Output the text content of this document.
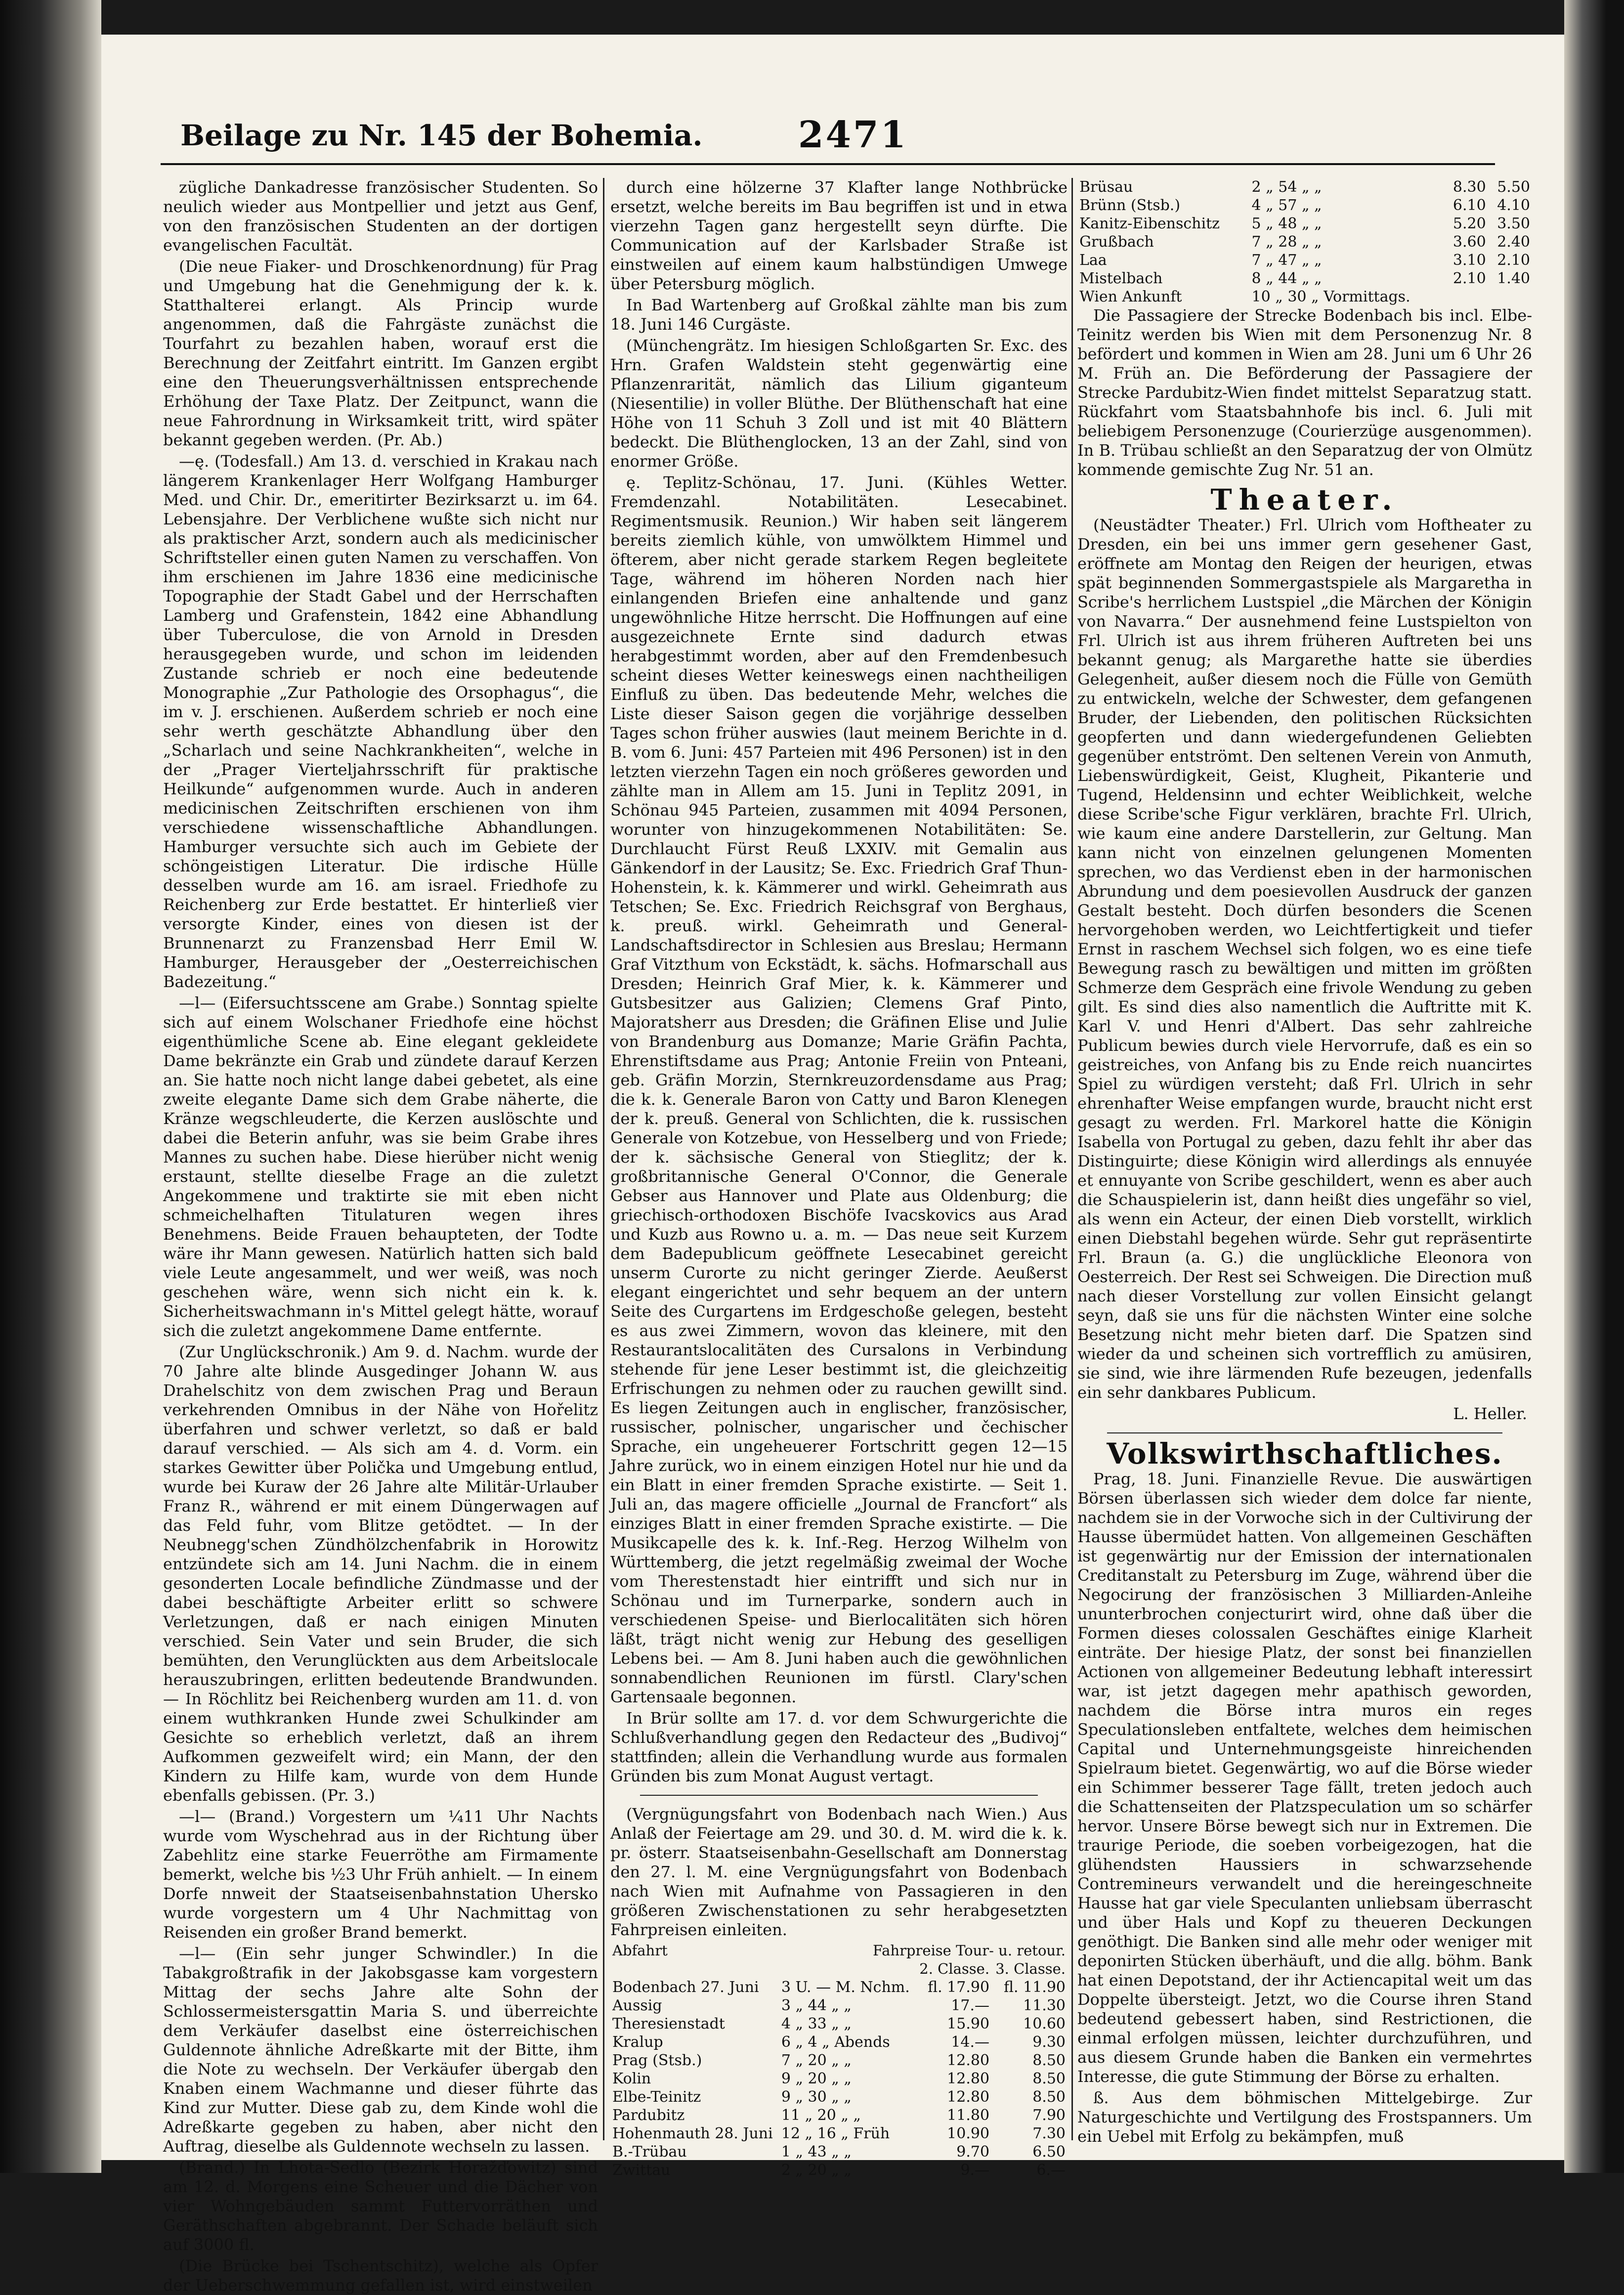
Beilage zu Nr. 145 der Bohemia.	2471

zügliche Dankadresse französischer Studenten. So neulich wieder aus Montpellier und jetzt aus Genf, von den französischen Studenten an der dortigen evangelischen Facultät.

(Die neue Fiaker- und Droschkenordnung) für Prag und Umgebung hat die Genehmigung der k. k. Statthalterei erlangt. Als Princip wurde angenommen, daß die Fahrgäste zunächst die Tourfahrt zu bezahlen haben, worauf erst die Berechnung der Zeitfahrt eintritt. Im Ganzen ergibt eine den Theuerungsverhältnissen entsprechende Erhöhung der Taxe Platz. Der Zeitpunct, wann die neue Fahrordnung in Wirksamkeit tritt, wird später bekannt gegeben werden. (Pr. Ab.)

—ę. (Todesfall.) Am 13. d. verschied in Krakau nach längerem Krankenlager Herr Wolfgang Hamburger Med. und Chir. Dr., emeritirter Bezirksarzt u. im 64. Lebensjahre. Der Verblichene wußte sich nicht nur als praktischer Arzt, sondern auch als medicinischer Schriftsteller einen guten Namen zu verschaffen. Von ihm erschienen im Jahre 1836 eine medicinische Topographie der Stadt Gabel und der Herrschaften Lamberg und Grafenstein, 1842 eine Abhandlung über Tuberculose, die von Arnold in Dresden herausgegeben wurde, und schon im leidenden Zustande schrieb er noch eine bedeutende Monographie „Zur Pathologie des Orsophagus“, die im v. J. erschienen. Außerdem schrieb er noch eine sehr werth geschätzte Abhandlung über den „Scharlach und seine Nachkrankheiten“, welche in der „Prager Vierteljahrsschrift für praktische Heilkunde“ aufgenommen wurde. Auch in anderen medicinischen Zeitschriften erschienen von ihm verschiedene wissenschaftliche Abhandlungen. Hamburger versuchte sich auch im Gebiete der schöngeistigen Literatur. Die irdische Hülle desselben wurde am 16. am israel. Friedhofe zu Reichenberg zur Erde bestattet. Er hinterließ vier versorgte Kinder, eines von diesen ist der Brunnenarzt zu Franzensbad Herr Emil W. Hamburger, Herausgeber der „Oesterreichischen Badezeitung.“

—l— (Eifersuchtsscene am Grabe.) Sonntag spielte sich auf einem Wolschaner Friedhofe eine höchst eigenthümliche Scene ab. Eine elegant gekleidete Dame bekränzte ein Grab und zündete darauf Kerzen an. Sie hatte noch nicht lange dabei gebetet, als eine zweite elegante Dame sich dem Grabe näherte, die Kränze wegschleuderte, die Kerzen auslöschte und dabei die Beterin anfuhr, was sie beim Grabe ihres Mannes zu suchen habe. Diese hierüber nicht wenig erstaunt, stellte dieselbe Frage an die zuletzt Angekommene und traktirte sie mit eben nicht schmeichelhaften Titulaturen wegen ihres Benehmens. Beide Frauen behaupteten, der Todte wäre ihr Mann gewesen. Natürlich hatten sich bald viele Leute angesammelt, und wer weiß, was noch geschehen wäre, wenn sich nicht ein k. k. Sicherheitswachmann in's Mittel gelegt hätte, worauf sich die zuletzt angekommene Dame entfernte.

(Zur Unglückschronik.) Am 9. d. Nachm. wurde der 70 Jahre alte blinde Ausgedinger Johann W. aus Drahelschitz von dem zwischen Prag und Beraun verkehrenden Omnibus in der Nähe von Hořelitz überfahren und schwer verletzt, so daß er bald darauf verschied. — Als sich am 4. d. Vorm. ein starkes Gewitter über Polička und Umgebung entlud, wurde bei Kuraw der 26 Jahre alte Militär-Urlauber Franz R., während er mit einem Düngerwagen auf das Feld fuhr, vom Blitze getödtet. — In der Neubnegg'schen Zündhölzchenfabrik in Horowitz entzündete sich am 14. Juni Nachm. die in einem gesonderten Locale befindliche Zündmasse und der dabei beschäftigte Arbeiter erlitt so schwere Verletzungen, daß er nach einigen Minuten verschied. Sein Vater und sein Bruder, die sich bemühten, den Verunglückten aus dem Arbeitslocale herauszubringen, erlitten bedeutende Brandwunden. — In Röchlitz bei Reichenberg wurden am 11. d. von einem wuthkranken Hunde zwei Schulkinder am Gesichte so erheblich verletzt, daß an ihrem Aufkommen gezweifelt wird; ein Mann, der den Kindern zu Hilfe kam, wurde von dem Hunde ebenfalls gebissen. (Pr. 3.)

—l— (Brand.) Vorgestern um ¼11 Uhr Nachts wurde vom Wyschehrad aus in der Richtung über Zabehlitz eine starke Feuerröthe am Firmamente bemerkt, welche bis ½3 Uhr Früh anhielt. — In einem Dorfe nnweit der Staatseisenbahnstation Uhersko wurde vorgestern um 4 Uhr Nachmittag von Reisenden ein großer Brand bemerkt.

—l— (Ein sehr junger Schwindler.) In die Tabakgroßtrafik in der Jakobsgasse kam vorgestern Mittag der sechs Jahre alte Sohn der Schlossermeistersgattin Maria S. und überreichte dem Verkäufer daselbst eine österreichischen Guldennote ähnliche Adreßkarte mit der Bitte, ihm die Note zu wechseln. Der Verkäufer übergab den Knaben einem Wachmanne und dieser führte das Kind zur Mutter. Diese gab zu, dem Kinde wohl die Adreßkarte gegeben zu haben, aber nicht den Auftrag, dieselbe als Guldennote wechseln zu lassen.

(Brand.) In Lhota-Sedlo (Bezirk Horažďowitz) sind am 12. d. Morgens eine Scheuer und die Dächer von vier Wohngebäuden sammt Futtervorräthen und Geräthschaften abgebrannt. Der Schade beläuft sich auf 3000 fl.

(Die Brücke bei Tschentschitz), welche als Opfer der Ueberschwemmung gefallen ist, wird einstweilen

durch eine hölzerne 37 Klafter lange Nothbrücke ersetzt, welche bereits im Bau begriffen ist und in etwa vierzehn Tagen ganz hergestellt seyn dürfte. Die Communication auf der Karlsbader Straße ist einstweilen auf einem kaum halbstündigen Umwege über Petersburg möglich.

In Bad Wartenberg auf Großkal zählte man bis zum 18. Juni 146 Curgäste.

(Münchengrätz. Im hiesigen Schloßgarten Sr. Exc. des Hrn. Grafen Waldstein steht gegenwärtig eine Pflanzenrarität, nämlich das Lilium giganteum (Niesentilie) in voller Blüthe. Der Blüthenschaft hat eine Höhe von 11 Schuh 3 Zoll und ist mit 40 Blättern bedeckt. Die Blüthenglocken, 13 an der Zahl, sind von enormer Größe.

ę. Teplitz-Schönau, 17. Juni. (Kühles Wetter. Fremdenzahl. Notabilitäten. Lesecabinet. Regimentsmusik. Reunion.) Wir haben seit längerem bereits ziemlich kühle, von umwölktem Himmel und öfterem, aber nicht gerade starkem Regen begleitete Tage, während im höheren Norden nach hier einlangenden Briefen eine anhaltende und ganz ungewöhnliche Hitze herrscht. Die Hoffnungen auf eine ausgezeichnete Ernte sind dadurch etwas herabgestimmt worden, aber auf den Fremdenbesuch scheint dieses Wetter keineswegs einen nachtheiligen Einfluß zu üben. Das bedeutende Mehr, welches die Liste dieser Saison gegen die vorjährige desselben Tages schon früher auswies (laut meinem Berichte in d. B. vom 6. Juni: 457 Parteien mit 496 Personen) ist in den letzten vierzehn Tagen ein noch größeres geworden und zählte man in Allem am 15. Juni in Teplitz 2091, in Schönau 945 Parteien, zusammen mit 4094 Personen, worunter von hinzugekommenen Notabilitäten: Se. Durchlaucht Fürst Reuß LXXIV. mit Gemalin aus Gänkendorf in der Lausitz; Se. Exc. Friedrich Graf Thun-Hohenstein, k. k. Kämmerer und wirkl. Geheimrath aus Tetschen; Se. Exc. Friedrich Reichsgraf von Berghaus, k. preuß. wirkl. Geheimrath und General-Landschaftsdirector in Schlesien aus Breslau; Hermann Graf Vitzthum von Eckstädt, k. sächs. Hofmarschall aus Dresden; Heinrich Graf Mier, k. k. Kämmerer und Gutsbesitzer aus Galizien; Clemens Graf Pinto, Majoratsherr aus Dresden; die Gräfinen Elise und Julie von Brandenburg aus Domanze; Marie Gräfin Pachta, Ehrenstiftsdame aus Prag; Antonie Freiin von Pnteani, geb. Gräfin Morzin, Sternkreuzordensdame aus Prag; die k. k. Generale Baron von Catty und Baron Klenegen der k. preuß. General von Schlichten, die k. russischen Generale von Kotzebue, von Hesselberg und von Friede; der k. sächsische General von Stieglitz; der k. großbritannische General O'Connor, die Generale Gebser aus Hannover und Plate aus Oldenburg; die griechisch-orthodoxen Bischöfe Ivacskovics aus Arad und Kuzb aus Rowno u. a. m. — Das neue seit Kurzem dem Badepublicum geöffnete Lesecabinet gereicht unserm Curorte zu nicht geringer Zierde. Aeußerst elegant eingerichtet und sehr bequem an der untern Seite des Curgartens im Erdgeschoße gelegen, besteht es aus zwei Zimmern, wovon das kleinere, mit den Restaurantslocalitäten des Cursalons in Verbindung stehende für jene Leser bestimmt ist, die gleichzeitig Erfrischungen zu nehmen oder zu rauchen gewillt sind. Es liegen Zeitungen auch in englischer, französischer, russischer, polnischer, ungarischer und čechischer Sprache, ein ungeheuerer Fortschritt gegen 12—15 Jahre zurück, wo in einem einzigen Hotel nur hie und da ein Blatt in einer fremden Sprache existirte. — Seit 1. Juli an, das magere officielle „Journal de Francfort“ als einziges Blatt in einer fremden Sprache existirte. — Die Musikcapelle des k. k. Inf.-Reg. Herzog Wilhelm von Württemberg, die jetzt regelmäßig zweimal der Woche vom Therestenstadt hier eintrifft und sich nur in Schönau und im Turnerparke, sondern auch in verschiedenen Speise- und Bierlocalitäten sich hören läßt, trägt nicht wenig zur Hebung des geselligen Lebens bei. — Am 8. Juni haben auch die gewöhnlichen sonnabendlichen Reunionen im fürstl. Clary'schen Gartensaale begonnen.

In Brür sollte am 17. d. vor dem Schwurgerichte die Schlußverhandlung gegen den Redacteur des „Budivoj“ stattfinden; allein die Verhandlung wurde aus formalen Gründen bis zum Monat August vertagt.

(Vergnügungsfahrt von Bodenbach nach Wien.) Aus Anlaß der Feiertage am 29. und 30. d. M. wird die k. k. pr. österr. Staatseisenbahn-Gesellschaft am Donnerstag den 27. l. M. eine Vergnügungsfahrt von Bodenbach nach Wien mit Aufnahme von Passagieren in den größeren Zwischenstationen zu sehr herabgesetzten Fahrpreisen einleiten.

Abfahrt	Fahrpreise Tour- u. retour.		
		2. Classe.	3. Classe.
Bodenbach 27. Juni	3 U. — M. Nchm.	fl. 17.90	fl. 11.90
Aussig	3 „ 44 „ „	17.—	11.30
Theresienstadt	4 „ 33 „ „	15.90	10.60
Kralup	6 „ 4 „ Abends	14.—	9.30
Prag (Stsb.)	7 „ 20 „ „	12.80	8.50
Kolin	9 „ 20 „ „	12.80	8.50
Elbe-Teinitz	9 „ 30 „ „	12.80	8.50
Pardubitz	11 „ 20 „ „	11.80	7.90
Hohenmauth 28. Juni	12 „ 16 „ Früh	10.90	7.30
B.-Trübau	1 „ 43 „ „	9.70	6.50
Zwittau	2 „ 20 „ „	9.—	6.—
Brüsau	2 „ 54 „ „	8.30	5.50
Brünn (Stsb.)	4 „ 57 „ „	6.10	4.10
Kanitz-Eibenschitz	5 „ 48 „ „	5.20	3.50
Grußbach	7 „ 28 „ „	3.60	2.40
Laa	7 „ 47 „ „	3.10	2.10
Mistelbach	8 „ 44 „ „	2.10	1.40
Wien Ankunft	10 „ 30 „ Vormittags.		

Die Passagiere der Strecke Bodenbach bis incl. Elbe-Teinitz werden bis Wien mit dem Personenzug Nr. 8 befördert und kommen in Wien am 28. Juni um 6 Uhr 26 M. Früh an. Die Beförderung der Passagiere der Strecke Pardubitz-Wien findet mittelst Separatzug statt. Rückfahrt vom Staatsbahnhofe bis incl. 6. Juli mit beliebigem Personenzuge (Courierzüge ausgenommen). In B. Trübau schließt an den Separatzug der von Olmütz kommende gemischte Zug Nr. 51 an.

Theater.

(Neustädter Theater.) Frl. Ulrich vom Hoftheater zu Dresden, ein bei uns immer gern gesehener Gast, eröffnete am Montag den Reigen der heurigen, etwas spät beginnenden Sommergastspiele als Margaretha in Scribe's herrlichem Lustspiel „die Märchen der Königin von Navarra.“ Der ausnehmend feine Lustspielton von Frl. Ulrich ist aus ihrem früheren Auftreten bei uns bekannt genug; als Margarethe hatte sie überdies Gelegenheit, außer diesem noch die Fülle von Gemüth zu entwickeln, welche der Schwester, dem gefangenen Bruder, der Liebenden, den politischen Rücksichten geopferten und dann wiedergefundenen Geliebten gegenüber entströmt. Den seltenen Verein von Anmuth, Liebenswürdigkeit, Geist, Klugheit, Pikanterie und Tugend, Heldensinn und echter Weiblichkeit, welche diese Scribe'sche Figur verklären, brachte Frl. Ulrich, wie kaum eine andere Darstellerin, zur Geltung. Man kann nicht von einzelnen gelungenen Momenten sprechen, wo das Verdienst eben in der harmonischen Abrundung und dem poesievollen Ausdruck der ganzen Gestalt besteht. Doch dürfen besonders die Scenen hervorgehoben werden, wo Leichtfertigkeit und tiefer Ernst in raschem Wechsel sich folgen, wo es eine tiefe Bewegung rasch zu bewältigen und mitten im größten Schmerze dem Gespräch eine frivole Wendung zu geben gilt. Es sind dies also namentlich die Auftritte mit K. Karl V. und Henri d'Albert. Das sehr zahlreiche Publicum bewies durch viele Hervorrufe, daß es ein so geistreiches, von Anfang bis zu Ende reich nuancirtes Spiel zu würdigen versteht; daß Frl. Ulrich in sehr ehrenhafter Weise empfangen wurde, braucht nicht erst gesagt zu werden. Frl. Markorel hatte die Königin Isabella von Portugal zu geben, dazu fehlt ihr aber das Distinguirte; diese Königin wird allerdings als ennuyée et ennuyante von Scribe geschildert, wenn es aber auch die Schauspielerin ist, dann heißt dies ungefähr so viel, als wenn ein Acteur, der einen Dieb vorstellt, wirklich einen Diebstahl begehen würde. Sehr gut repräsentirte Frl. Braun (a. G.) die unglückliche Eleonora von Oesterreich. Der Rest sei Schweigen. Die Direction muß nach dieser Vorstellung zur vollen Einsicht gelangt seyn, daß sie uns für die nächsten Winter eine solche Besetzung nicht mehr bieten darf. Die Spatzen sind wieder da und scheinen sich vortrefflich zu amüsiren, sie sind, wie ihre lärmenden Rufe bezeugen, jedenfalls ein sehr dankbares Publicum.

L. Heller.
Volkswirthschaftliches.

Prag, 18. Juni. Finanzielle Revue. Die auswärtigen Börsen überlassen sich wieder dem dolce far niente, nachdem sie in der Vorwoche sich in der Cultivirung der Hausse übermüdet hatten. Von allgemeinen Geschäften ist gegenwärtig nur der Emission der internationalen Creditanstalt zu Petersburg im Zuge, während über die Negocirung der französischen 3 Milliarden-Anleihe ununterbrochen conjecturirt wird, ohne daß über die Formen dieses colossalen Geschäftes einige Klarheit einträte. Der hiesige Platz, der sonst bei finanziellen Actionen von allgemeiner Bedeutung lebhaft interessirt war, ist jetzt dagegen mehr apathisch geworden, nachdem die Börse intra muros ein reges Speculationsleben entfaltete, welches dem heimischen Capital und Unternehmungsgeiste hinreichenden Spielraum bietet. Gegenwärtig, wo auf die Börse wieder ein Schimmer besserer Tage fällt, treten jedoch auch die Schattenseiten der Platzspeculation um so schärfer hervor. Unsere Börse bewegt sich nur in Extremen. Die traurige Periode, die soeben vorbeigezogen, hat die glühendsten Haussiers in schwarzsehende Contremineurs verwandelt und die hereingeschneite Hausse hat gar viele Speculanten unliebsam überrascht und über Hals und Kopf zu theueren Deckungen genöthigt. Die Banken sind alle mehr oder weniger mit deponirten Stücken überhäuft, und die allg. böhm. Bank hat einen Depotstand, der ihr Actiencapital weit um das Doppelte übersteigt. Jetzt, wo die Course ihren Stand bedeutend gebessert haben, sind Restrictionen, die einmal erfolgen müssen, leichter durchzuführen, und aus diesem Grunde haben die Banken ein vermehrtes Interesse, die gute Stimmung der Börse zu erhalten.

ß. Aus dem böhmischen Mittelgebirge. Zur Naturgeschichte und Vertilgung des Frostspanners. Um ein Uebel mit Erfolg zu bekämpfen, muß
